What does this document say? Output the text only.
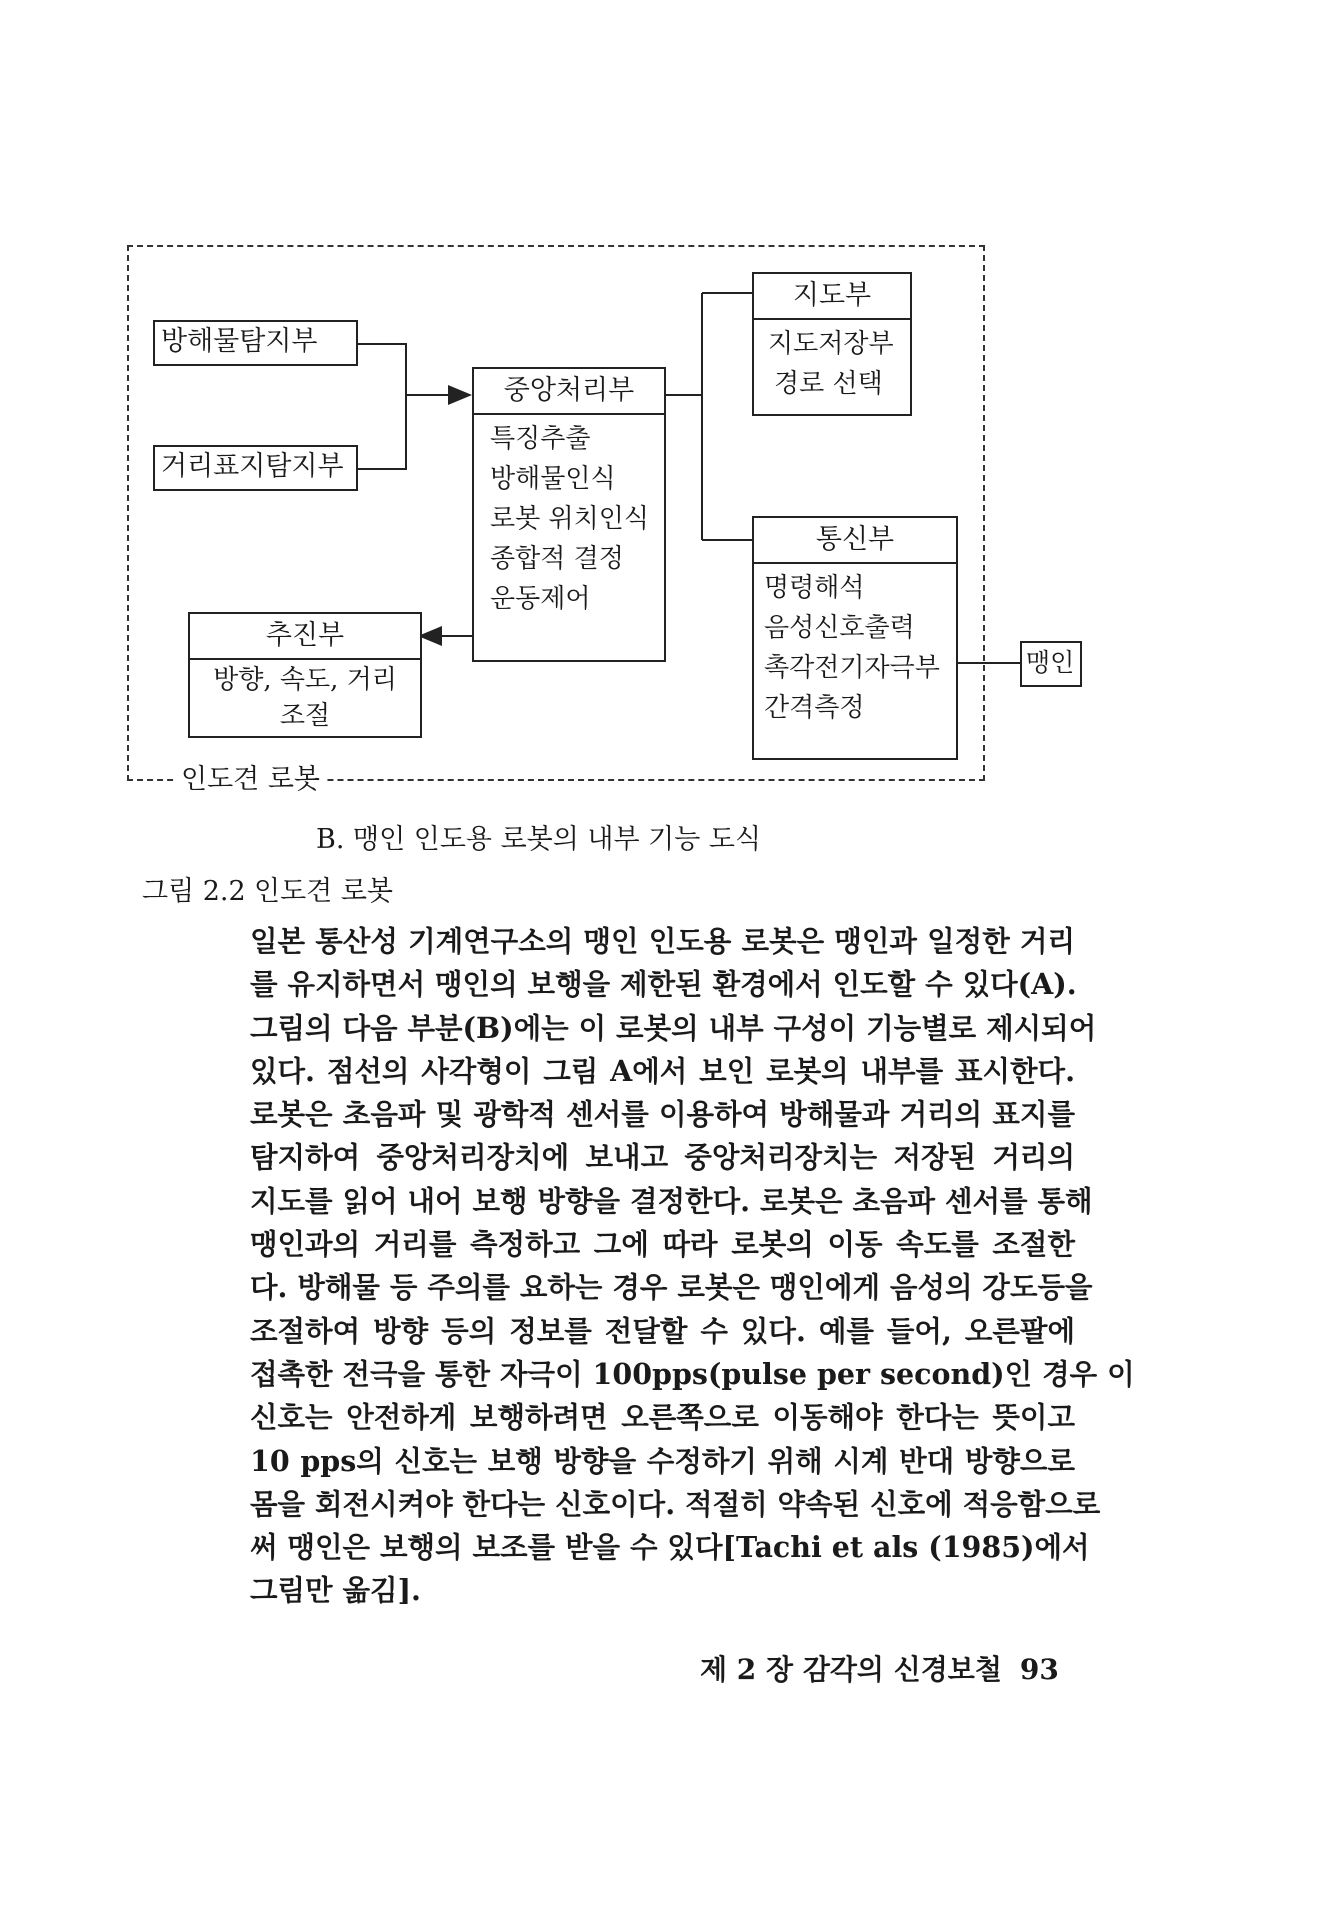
인도견 로봇
방해물탐지부
거리표지탐지부
중앙처리부
특징추출
방해물인식
로봇 위치인식
종합적 결정
운동제어
지도부
지도저장부
경로 선택
통신부
명령해석
음성신호출력
촉각전기자극부
간격측정
추진부
방향, 속도, 거리
조절
맹인
B. 맹인 인도용 로봇의 내부 기능 도식
그림 2.2 인도견 로봇
일본 통산성 기계연구소의 맹인 인도용 로봇은 맹인과 일정한 거리
를 유지하면서 맹인의 보행을 제한된 환경에서 인도할 수 있다(A).
그림의 다음 부분(B)에는 이 로봇의 내부 구성이 기능별로 제시되어
있다. 점선의 사각형이 그림 A에서 보인 로봇의 내부를 표시한다.
로봇은 초음파 및 광학적 센서를 이용하여 방해물과 거리의 표지를
탐지하여 중앙처리장치에 보내고 중앙처리장치는 저장된 거리의
지도를 읽어 내어 보행 방향을 결정한다. 로봇은 초음파 센서를 통해
맹인과의 거리를 측정하고 그에 따라 로봇의 이동 속도를 조절한
다. 방해물 등 주의를 요하는 경우 로봇은 맹인에게 음성의 강도등을
조절하여 방향 등의 정보를 전달할 수 있다. 예를 들어, 오른팔에
접촉한 전극을 통한 자극이 100pps(pulse per second)인 경우 이
신호는 안전하게 보행하려면 오른쪽으로 이동해야 한다는 뜻이고
10 pps의 신호는 보행 방향을 수정하기 위해 시계 반대 방향으로
몸을 회전시켜야 한다는 신호이다. 적절히 약속된 신호에 적응함으로
써 맹인은 보행의 보조를 받을 수 있다[Tachi et als (1985)에서
그림만 옮김].
제 2 장 감각의 신경보철 93
